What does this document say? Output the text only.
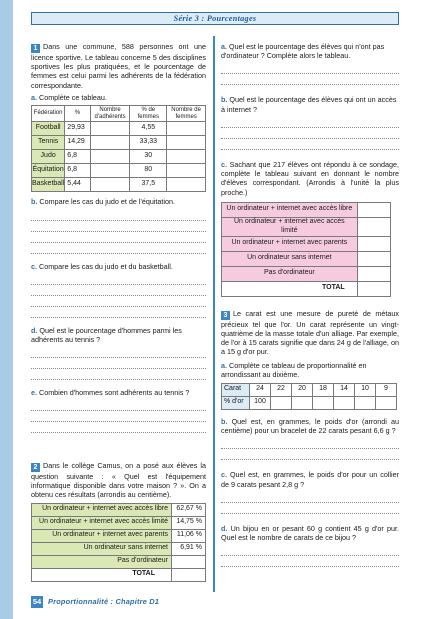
Série 3 : Pourcentages

1 Dans une commune, 588 personnes ont une licence sportive. Le tableau concerne 5 des disciplines sportives les plus pratiquées, et le pourcentage de femmes est celui parmi les adhérents de la fédération correspondante.

a. Complète ce tableau.
Fédération	%	Nombre d'adhérents	% de femmes	Nombre de femmes
Football	29,93		4,55	
Tennis	14,29		33,33	
Judo	6,8		30	
Équitation	6,8		80	
Basketball	5,44		37,5	
b. Compare les cas du judo et de l'équitation.
c. Compare les cas du judo et du basketball.
d. Quel est le pourcentage d'hommes parmi les adhérents au tennis ?
e. Combien d'hommes sont adhérents au tennis ?

2 Dans le collège Camus, on a posé aux élèves la question suivante : « Quel est l'équipement informatique disponible dans votre maison ? ». On a obtenu ces résultats (arrondis au centième).

Un ordinateur + internet avec accès libre	62,67 %
Un ordinateur + internet avec accès limité	14,75 %
Un ordinateur + internet avec parents	11,06 %
Un ordinateur sans internet	6,91 %
Pas d'ordinateur	
TOTAL	
a. Quel est le pourcentage des élèves qui n'ont pas d'ordinateur ? Complète alors le tableau.
b. Quel est le pourcentage des élèves qui ont un accès à internet ?

c. Sachant que 217 élèves ont répondu à ce sondage, complète le tableau suivant en donnant le nombre d'élèves correspondant. (Arrondis à l'unité la plus proche.)

Un ordinateur + internet avec accès libre	
Un ordinateur + internet avec accès limité	
Un ordinateur + internet avec parents	
Un ordinateur sans internet	
Pas d'ordinateur	
TOTAL	

3 Le carat est une mesure de pureté de métaux précieux tel que l'or. Un carat représente un vingt-quatrième de la masse totale d'un alliage. Par exemple, de l'or à 15 carats signifie que dans 24 g de l'alliage, on a 15 g d'or pur.

a. Complète ce tableau de proportionnalité en arrondissant au dixième.
Carat	24	22	20	18	14	10	9
% d'or	100						

b. Quel est, en grammes, le poids d'or (arrondi au centième) pour un bracelet de 22 carats pesant 6,6 g ?

c. Quel est, en grammes, le poids d'or pour un collier de 9 carats pesant 2,8 g ?

d. Un bijou en or pesant 60 g contient 45 g d'or pur. Quel est le nombre de carats de ce bijou ?

54 Proportionnalité : Chapitre D1
